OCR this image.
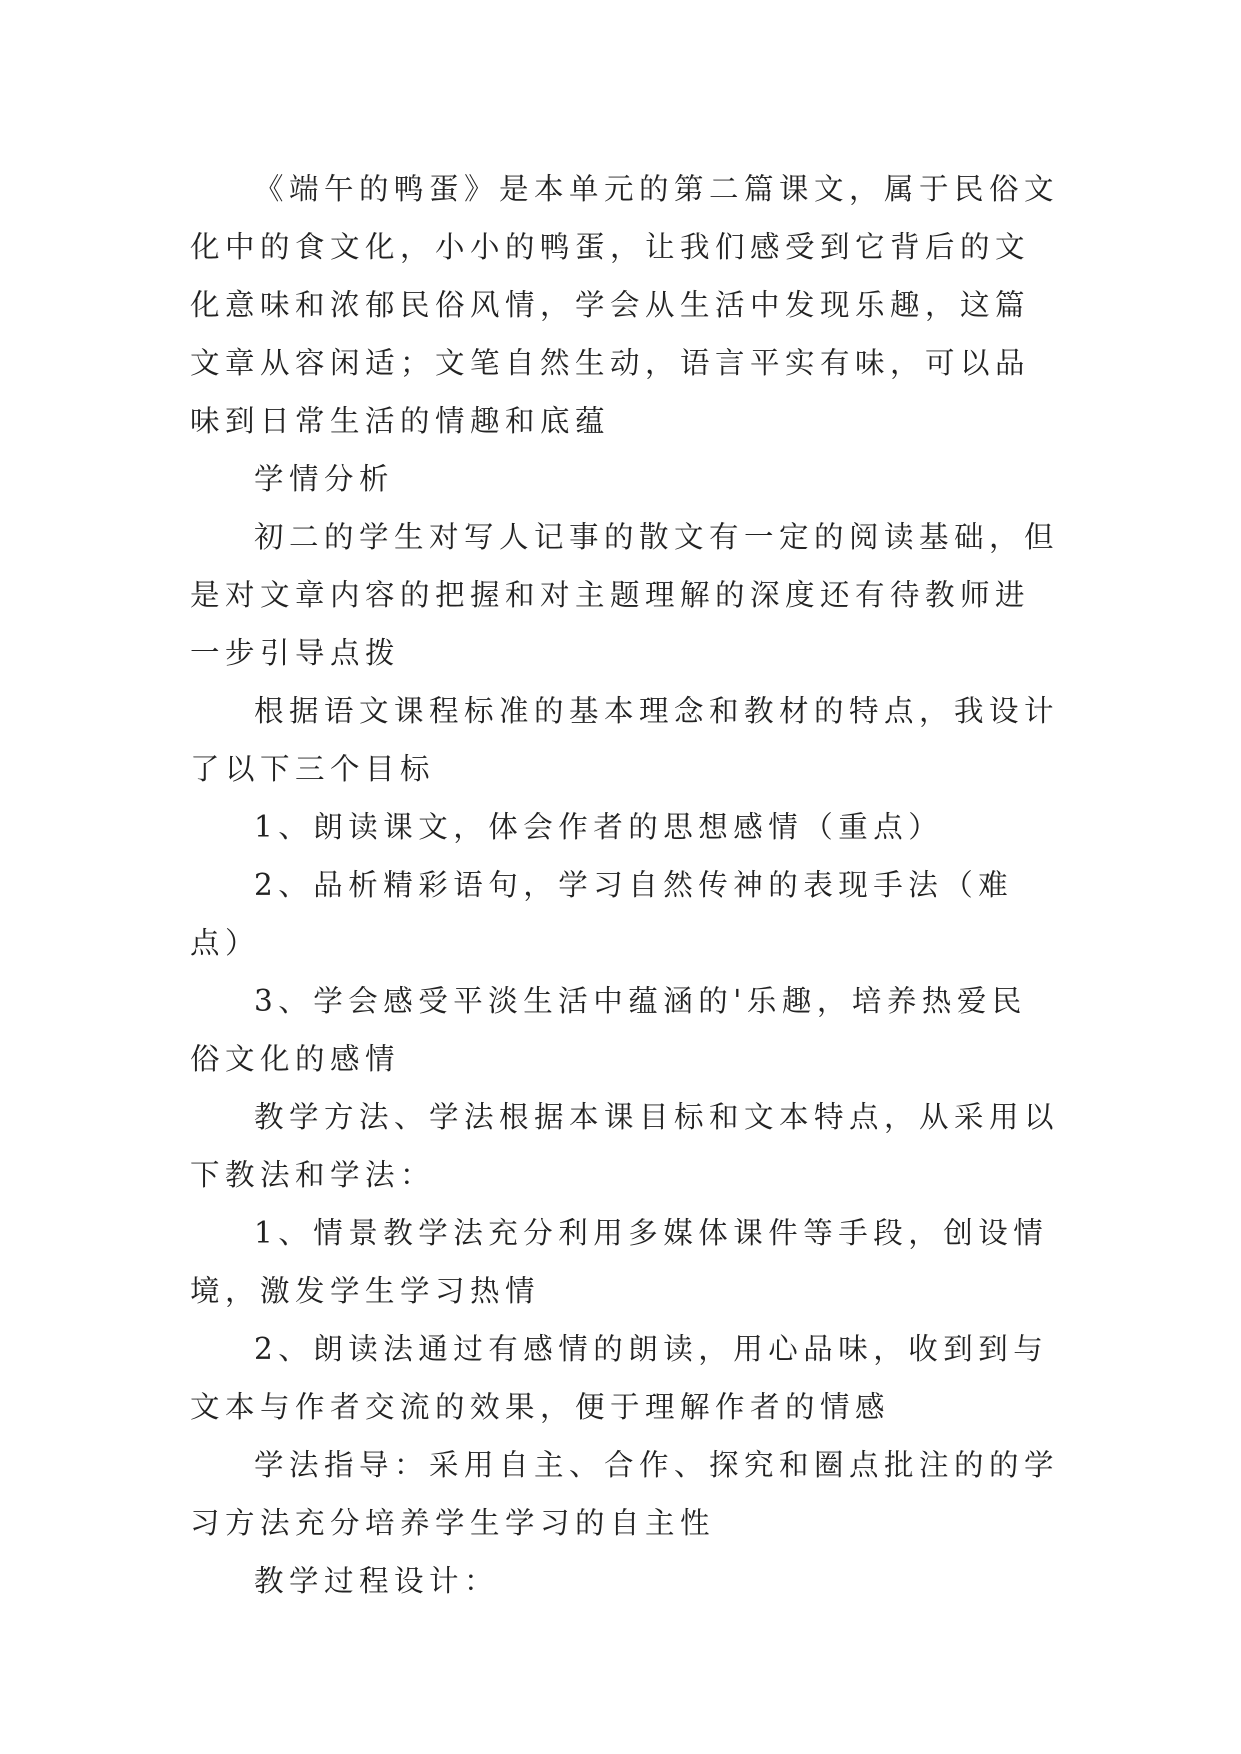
《端午的鸭蛋》是本单元的第二篇课文，属于民俗文化中的食文化，小小的鸭蛋，让我们感受到它背后的文化意味和浓郁民俗风情，学会从生活中发现乐趣，这篇文章从容闲适；文笔自然生动，语言平实有味，可以品味到日常生活的情趣和底蕴

学情分析

初二的学生对写人记事的散文有一定的阅读基础，但是对文章内容的把握和对主题理解的深度还有待教师进一步引导点拨

根据语文课程标准的基本理念和教材的特点，我设计了以下三个目标

1、朗读课文，体会作者的思想感情（重点）

2、品析精彩语句，学习自然传神的表现手法（难点）

3、学会感受平淡生活中蕴涵的'乐趣，培养热爱民俗文化的感情

教学方法、学法根据本课目标和文本特点，从采用以下教法和学法：

1、情景教学法充分利用多媒体课件等手段，创设情境，激发学生学习热情

2、朗读法通过有感情的朗读，用心品味，收到到与文本与作者交流的效果，便于理解作者的情感

学法指导：采用自主、合作、探究和圈点批注的的学习方法充分培养学生学习的自主性

教学过程设计：
